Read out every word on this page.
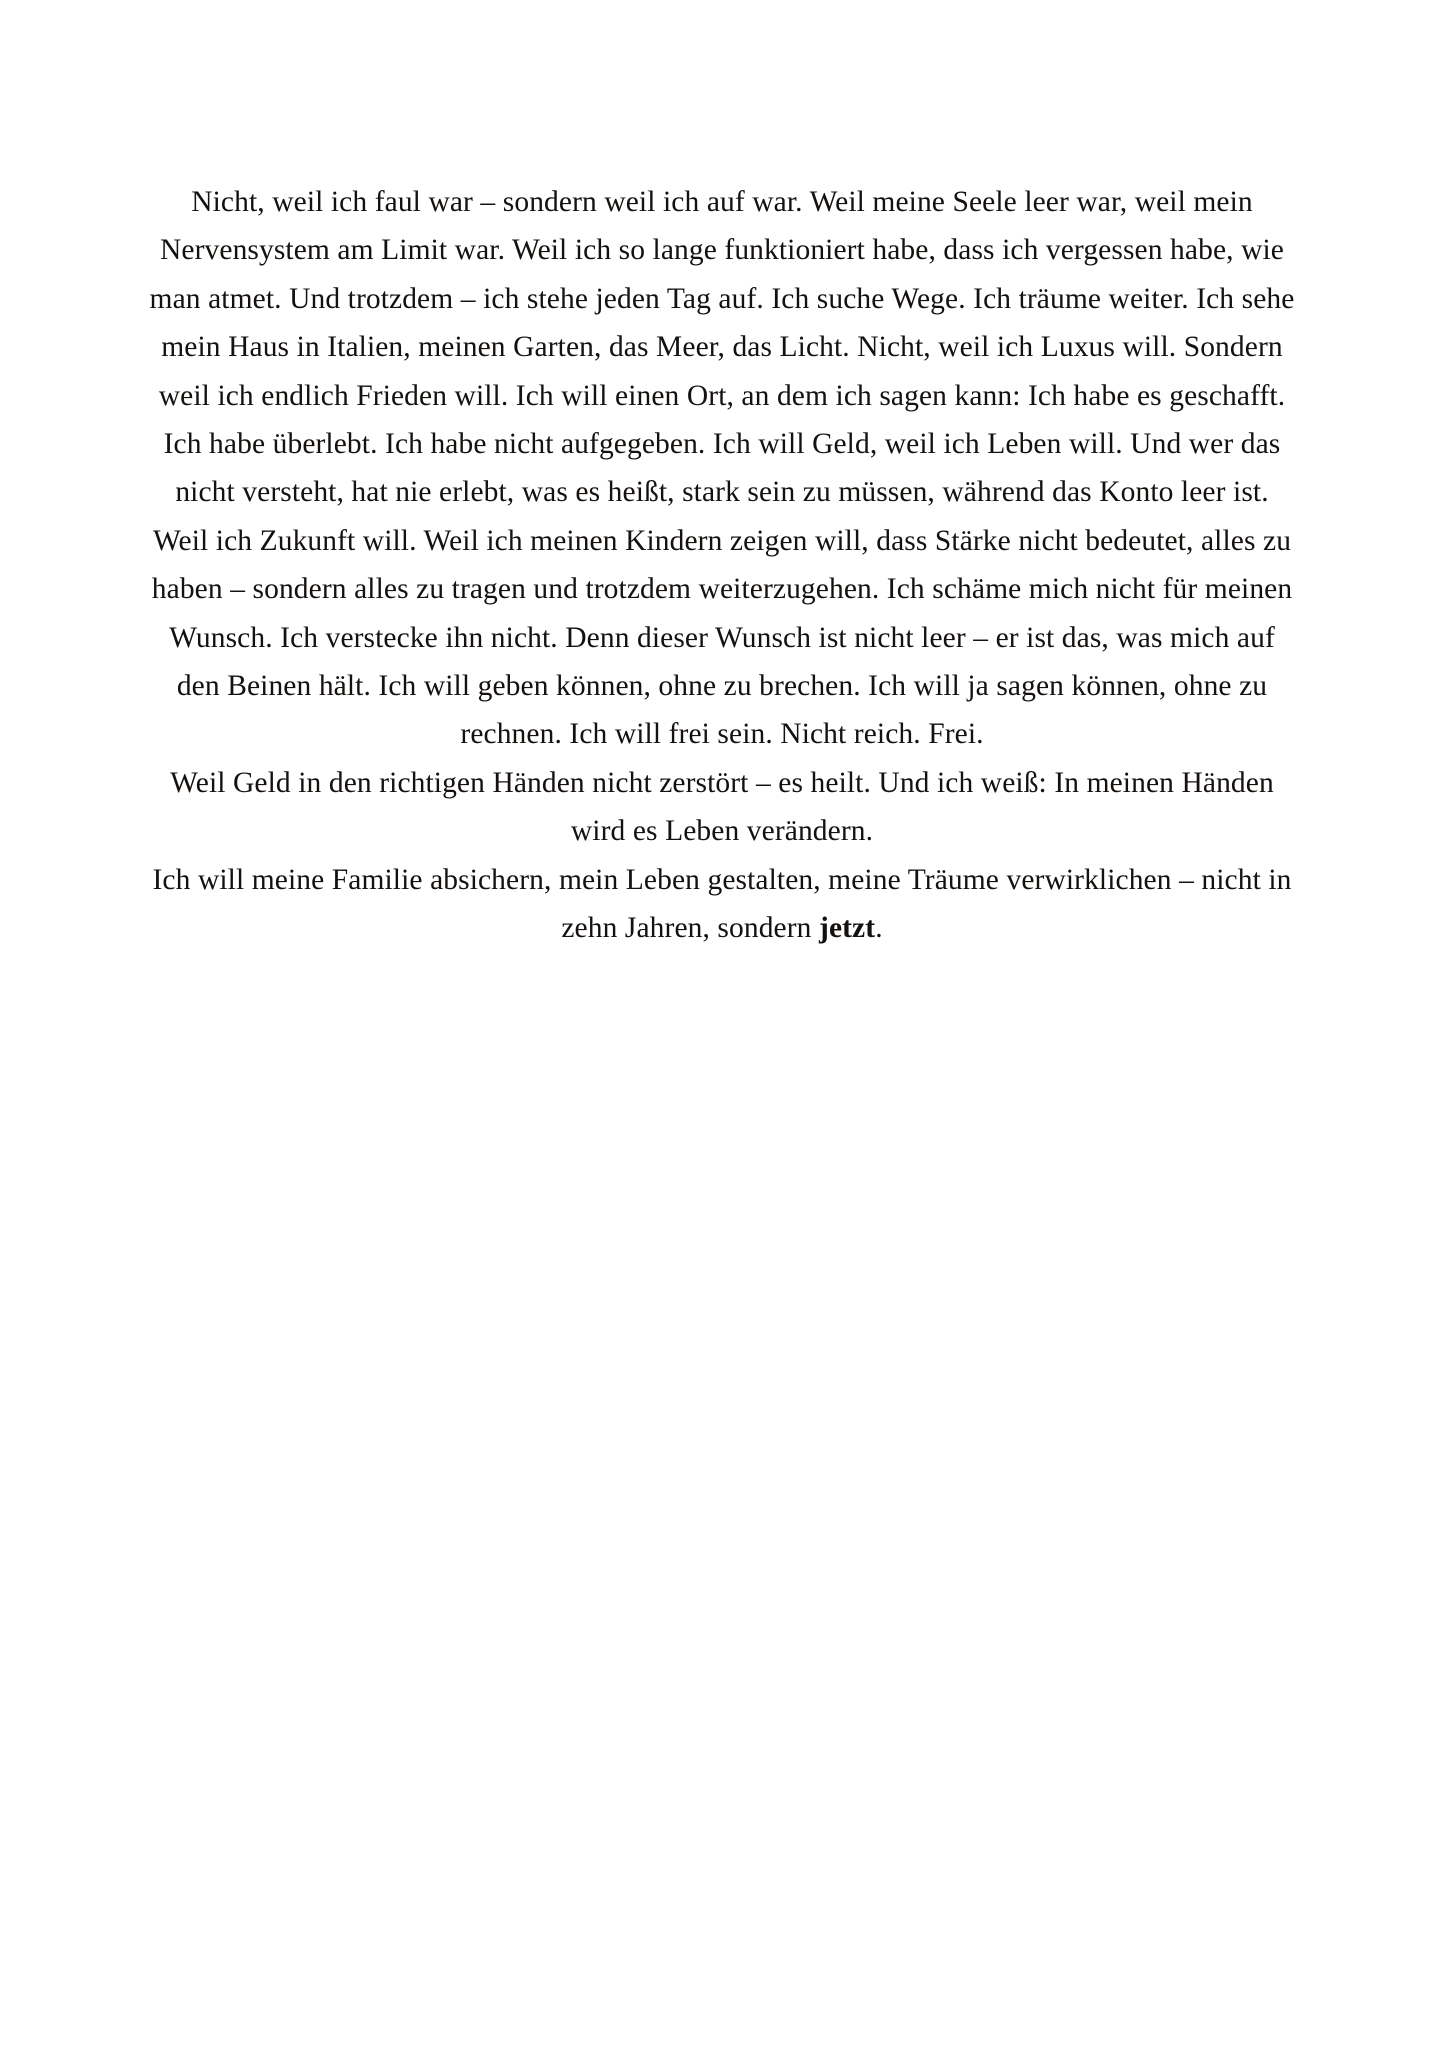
Nicht, weil ich faul war – sondern weil ich auf war. Weil meine Seele leer war, weil mein Nervensystem am Limit war. Weil ich so lange funktioniert habe, dass ich vergessen habe, wie man atmet. Und trotzdem – ich stehe jeden Tag auf. Ich suche Wege. Ich träume weiter. Ich sehe mein Haus in Italien, meinen Garten, das Meer, das Licht. Nicht, weil ich Luxus will. Sondern weil ich endlich Frieden will. Ich will einen Ort, an dem ich sagen kann: Ich habe es geschafft. Ich habe überlebt. Ich habe nicht aufgegeben. Ich will Geld, weil ich Leben will. Und wer das nicht versteht, hat nie erlebt, was es heißt, stark sein zu müssen, während das Konto leer ist.

Weil ich Zukunft will. Weil ich meinen Kindern zeigen will, dass Stärke nicht bedeutet, alles zu haben – sondern alles zu tragen und trotzdem weiterzugehen. Ich schäme mich nicht für meinen Wunsch. Ich verstecke ihn nicht. Denn dieser Wunsch ist nicht leer – er ist das, was mich auf den Beinen hält. Ich will geben können, ohne zu brechen. Ich will ja sagen können, ohne zu rechnen. Ich will frei sein. Nicht reich. Frei.

Weil Geld in den richtigen Händen nicht zerstört – es heilt. Und ich weiß: In meinen Händen wird es Leben verändern.

Ich will meine Familie absichern, mein Leben gestalten, meine Träume verwirklichen – nicht in zehn Jahren, sondern jetzt.
